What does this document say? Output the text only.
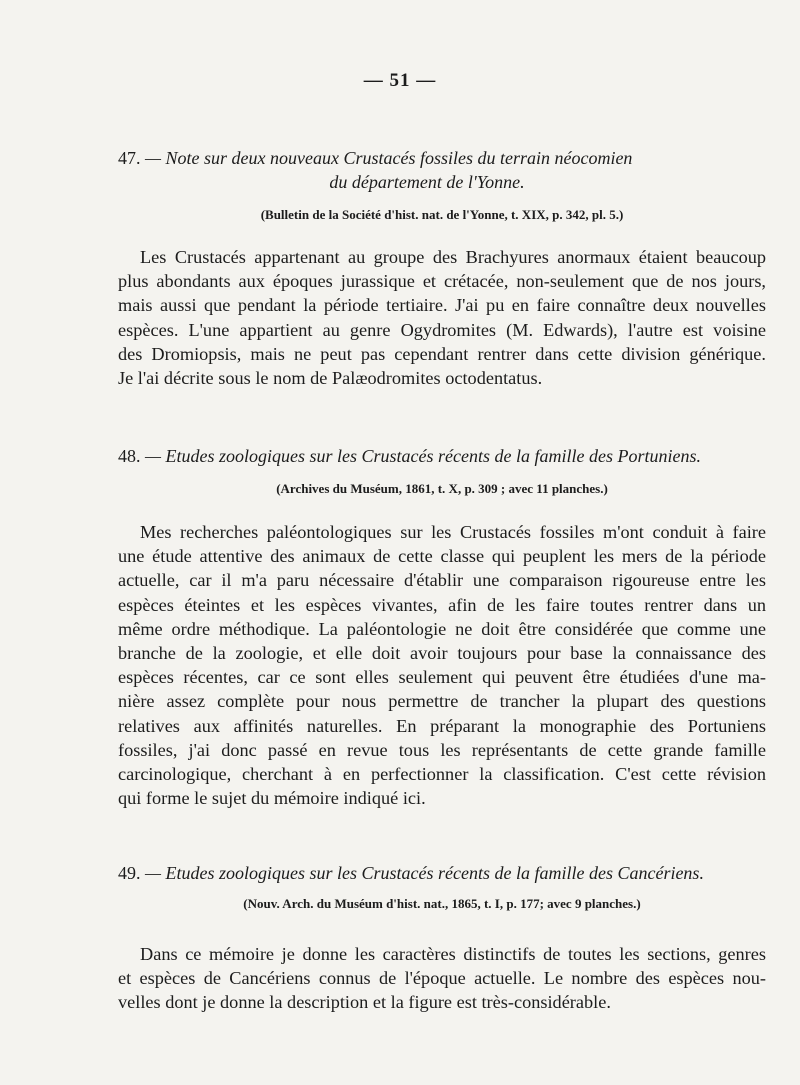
— 51 —
47. — Note sur deux nouveaux Crustacés fossiles du terrain néocomien
du département de l'Yonne.
(Bulletin de la Société d'hist. nat. de l'Yonne, t. XIX, p. 342, pl. 5.)
Les Crustacés appartenant au groupe des Brachyures anormaux étaient beaucoup
plus abondants aux époques jurassique et crétacée, non-seulement que de nos jours,
mais aussi que pendant la période tertiaire. J'ai pu en faire connaître deux nouvelles
espèces. L'une appartient au genre Ogydromites (M. Edwards), l'autre est voisine
des Dromiopsis, mais ne peut pas cependant rentrer dans cette division générique.
Je l'ai décrite sous le nom de Palæodromites octodentatus.
48. — Etudes zoologiques sur les Crustacés récents de la famille des Portuniens.
(Archives du Muséum, 1861, t. X, p. 309 ; avec 11 planches.)
Mes recherches paléontologiques sur les Crustacés fossiles m'ont conduit à faire
une étude attentive des animaux de cette classe qui peuplent les mers de la période
actuelle, car il m'a paru nécessaire d'établir une comparaison rigoureuse entre les
espèces éteintes et les espèces vivantes, afin de les faire toutes rentrer dans un
même ordre méthodique. La paléontologie ne doit être considérée que comme une
branche de la zoologie, et elle doit avoir toujours pour base la connaissance des
espèces récentes, car ce sont elles seulement qui peuvent être étudiées d'une ma-
nière assez complète pour nous permettre de trancher la plupart des questions
relatives aux affinités naturelles. En préparant la monographie des Portuniens
fossiles, j'ai donc passé en revue tous les représentants de cette grande famille
carcinologique, cherchant à en perfectionner la classification. C'est cette révision
qui forme le sujet du mémoire indiqué ici.
49. — Etudes zoologiques sur les Crustacés récents de la famille des Cancériens.
(Nouv. Arch. du Muséum d'hist. nat., 1865, t. I, p. 177; avec 9 planches.)
Dans ce mémoire je donne les caractères distinctifs de toutes les sections, genres
et espèces de Cancériens connus de l'époque actuelle. Le nombre des espèces nou-
velles dont je donne la description et la figure est très-considérable.
